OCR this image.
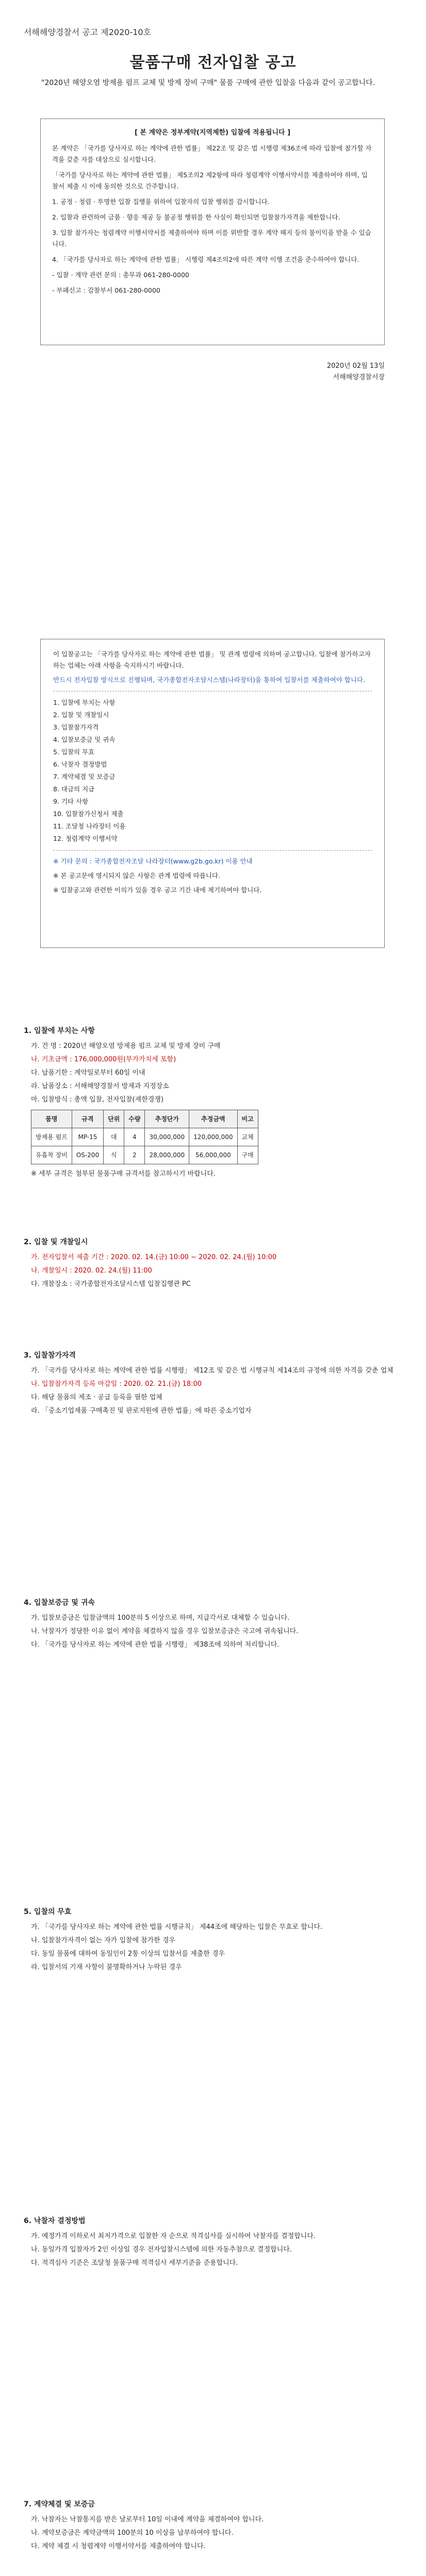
서해해양경찰서 공고 제2020-10호
물품구매 전자입찰 공고
"2020년 해양오염 방제용 펌프 교체 및 방제 장비 구매" 물품 구매에 관한 입찰을 다음과 같이 공고합니다.
[ 본 계약은 정부계약(지역제한) 입찰에 적용됩니다 ]

본 계약은 「국가를 당사자로 하는 계약에 관한 법률」 제22조 및 같은 법 시행령 제36조에 따라 입찰에 참가할 자격을 갖춘 자를 대상으로 실시합니다.

「국가를 당사자로 하는 계약에 관한 법률」 제5조의2 제2항에 따라 청렴계약 이행서약서를 제출하여야 하며, 입찰서 제출 시 이에 동의한 것으로 간주합니다.

1. 공정 · 청렴 · 투명한 입찰 집행을 위하여 입찰자의 입찰 행위를 감시합니다.

2. 입찰과 관련하여 금품 · 향응 제공 등 불공정 행위를 한 사실이 확인되면 입찰참가자격을 제한합니다.

3. 입찰 참가자는 청렴계약 이행서약서를 제출하여야 하며 이를 위반할 경우 계약 해지 등의 불이익을 받을 수 있습니다.

4. 「국가를 당사자로 하는 계약에 관한 법률」 시행령 제4조의2에 따른 계약 이행 조건을 준수하여야 합니다.

- 입찰 · 계약 관련 문의 : 총무과 061-280-0000

- 부패신고 : 감찰부서 061-280-0000

2020년 02월 13일
서해해양경찰서장

이 입찰공고는 「국가를 당사자로 하는 계약에 관한 법률」 및 관계 법령에 의하여 공고합니다. 입찰에 참가하고자 하는 업체는 아래 사항을 숙지하시기 바랍니다.

반드시 전자입찰 방식으로 진행되며, 국가종합전자조달시스템(나라장터)을 통하여 입찰서를 제출하여야 합니다.

1. 입찰에 부치는 사항
2. 입찰 및 개찰일시
3. 입찰참가자격
4. 입찰보증금 및 귀속
5. 입찰의 무효
6. 낙찰자 결정방법
7. 계약체결 및 보증금
8. 대금의 지급
9. 기타 사항
10. 입찰참가신청서 제출
11. 조달청 나라장터 이용
12. 청렴계약 이행서약

※ 기타 문의 : 국가종합전자조달 나라장터(www.g2b.go.kr) 이용 안내

※ 본 공고문에 명시되지 않은 사항은 관계 법령에 따릅니다.

※ 입찰공고와 관련한 이의가 있을 경우 공고 기간 내에 제기하여야 합니다.

1. 입찰에 부치는 사항
가. 건 명 : 2020년 해양오염 방제용 펌프 교체 및 방제 장비 구매
나. 기초금액 : 176,000,000원(부가가치세 포함)
다. 납품기한 : 계약일로부터 60일 이내
라. 납품장소 : 서해해양경찰서 방제과 지정장소
마. 입찰방식 : 총액 입찰, 전자입찰(제한경쟁)
품명	규격	단위	수량	추정단가	추정금액	비고
방제용 펌프	MP-15	대	4	30,000,000	120,000,000	교체
유흡착 장비	OS-200	식	2	28,000,000	56,000,000	구매
※ 세부 규격은 첨부된 물품구매 규격서를 참고하시기 바랍니다.
2. 입찰 및 개찰일시
가. 전자입찰서 제출 기간 : 2020. 02. 14.(금) 10:00 ~ 2020. 02. 24.(월) 10:00
나. 개찰일시 : 2020. 02. 24.(월) 11:00
다. 개찰장소 : 국가종합전자조달시스템 입찰집행관 PC
3. 입찰참가자격
가. 「국가를 당사자로 하는 계약에 관한 법률 시행령」 제12조 및 같은 법 시행규칙 제14조의 규정에 의한 자격을 갖춘 업체
나. 입찰참가자격 등록 마감일 : 2020. 02. 21.(금) 18:00
다. 해당 물품의 제조 · 공급 등록을 필한 업체
라. 「중소기업제품 구매촉진 및 판로지원에 관한 법률」에 따른 중소기업자
4. 입찰보증금 및 귀속
가. 입찰보증금은 입찰금액의 100분의 5 이상으로 하며, 지급각서로 대체할 수 있습니다.
나. 낙찰자가 정당한 이유 없이 계약을 체결하지 않을 경우 입찰보증금은 국고에 귀속됩니다.
다. 「국가를 당사자로 하는 계약에 관한 법률 시행령」 제38조에 의하여 처리합니다.
5. 입찰의 무효
가. 「국가를 당사자로 하는 계약에 관한 법률 시행규칙」 제44조에 해당하는 입찰은 무효로 합니다.
나. 입찰참가자격이 없는 자가 입찰에 참가한 경우
다. 동일 물품에 대하여 동일인이 2통 이상의 입찰서를 제출한 경우
라. 입찰서의 기재 사항이 불명확하거나 누락된 경우
6. 낙찰자 결정방법
가. 예정가격 이하로서 최저가격으로 입찰한 자 순으로 적격심사를 실시하여 낙찰자를 결정합니다.
나. 동일가격 입찰자가 2인 이상일 경우 전자입찰시스템에 의한 자동추첨으로 결정합니다.
다. 적격심사 기준은 조달청 물품구매 적격심사 세부기준을 준용합니다.
7. 계약체결 및 보증금
가. 낙찰자는 낙찰통지를 받은 날로부터 10일 이내에 계약을 체결하여야 합니다.
나. 계약보증금은 계약금액의 100분의 10 이상을 납부하여야 합니다.
다. 계약 체결 시 청렴계약 이행서약서를 제출하여야 합니다.
